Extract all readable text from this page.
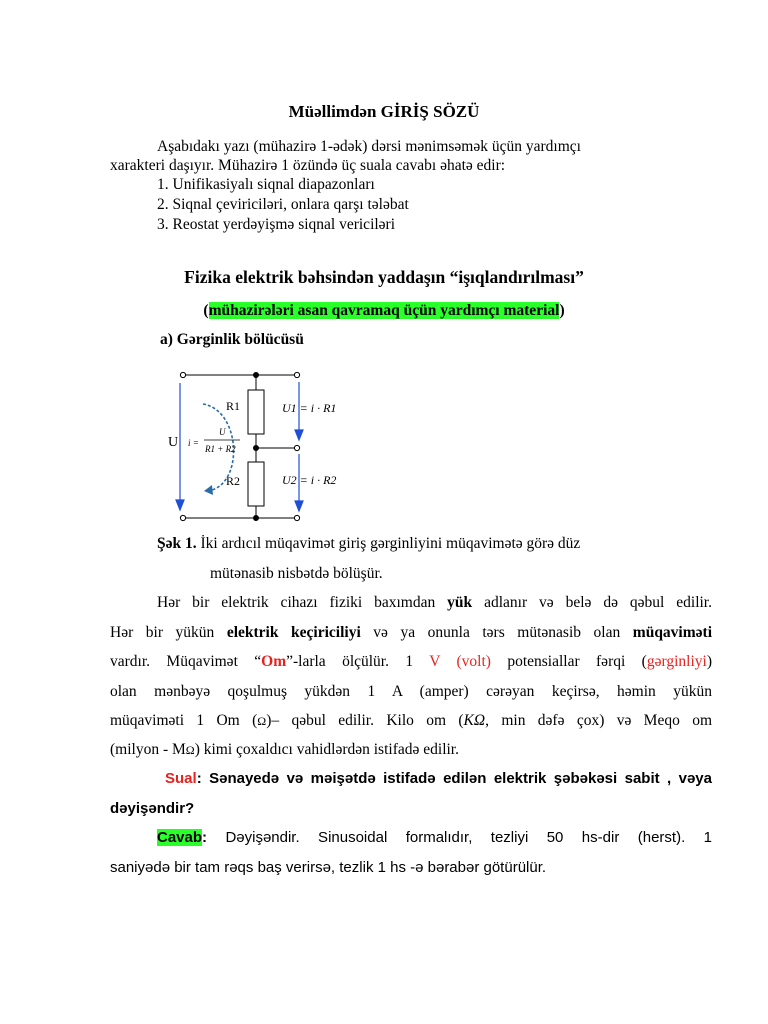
Müəllimdən GİRİŞ SÖZÜ
Aşabıdakı yazı (mühazirə 1-ədək) dərsi mənimsəmək üçün yardımçı
xarakteri daşıyır. Mühazirə 1 özündə üç suala cavabı əhatə edir:
1. Unifikasiyalı siqnal diapazonları
2. Siqnal çeviriciləri, onlara qarşı tələbat
3. Reostat yerdəyişmə siqnal vericiləri
Fizika elektrik bəhsindən yaddaşın “işıqlandırılması”
(mühazirələri asan qavramaq üçün yardımçı material)
a) Gərginlik bölücüsü
U
R1
R2
i =
U
R1 + R2
U1 = i · R1
U2 = i · R2
Şək 1. İki ardıcıl müqavimət giriş gərginliyini müqavimətə görə düz
mütənasib nisbətdə bölüşür.
Hər bir elektrik cihazı fiziki baxımdan yük adlanır və belə də qəbul edilir.
Hər bir yükün elektrik keçiriciliyi və ya onunla tərs mütənasib olan müqaviməti
vardır. Müqavimət “Om”-larla ölçülür. 1 V (volt) potensiallar fərqi (gərginliyi)
olan mənbəyə qoşulmuş yükdən 1 A (amper) cərəyan keçirsə, həmin yükün
müqaviməti 1 Om (Ω)– qəbul edilir. Kilo om (KΩ, min dəfə çox) və Meqo om
(milyon - MΩ) kimi çoxaldıcı vahidlərdən istifadə edilir.
Sual: Sənayedə və məişətdə istifadə edilən elektrik şəbəkəsi sabit , vəya
dəyişəndir?
Cavab: Dəyişəndir. Sinusoidal formalıdır, tezliyi 50 hs-dir (herst). 1
saniyədə bir tam rəqs baş verirsə, tezlik 1 hs -ə bərabər götürülür.
